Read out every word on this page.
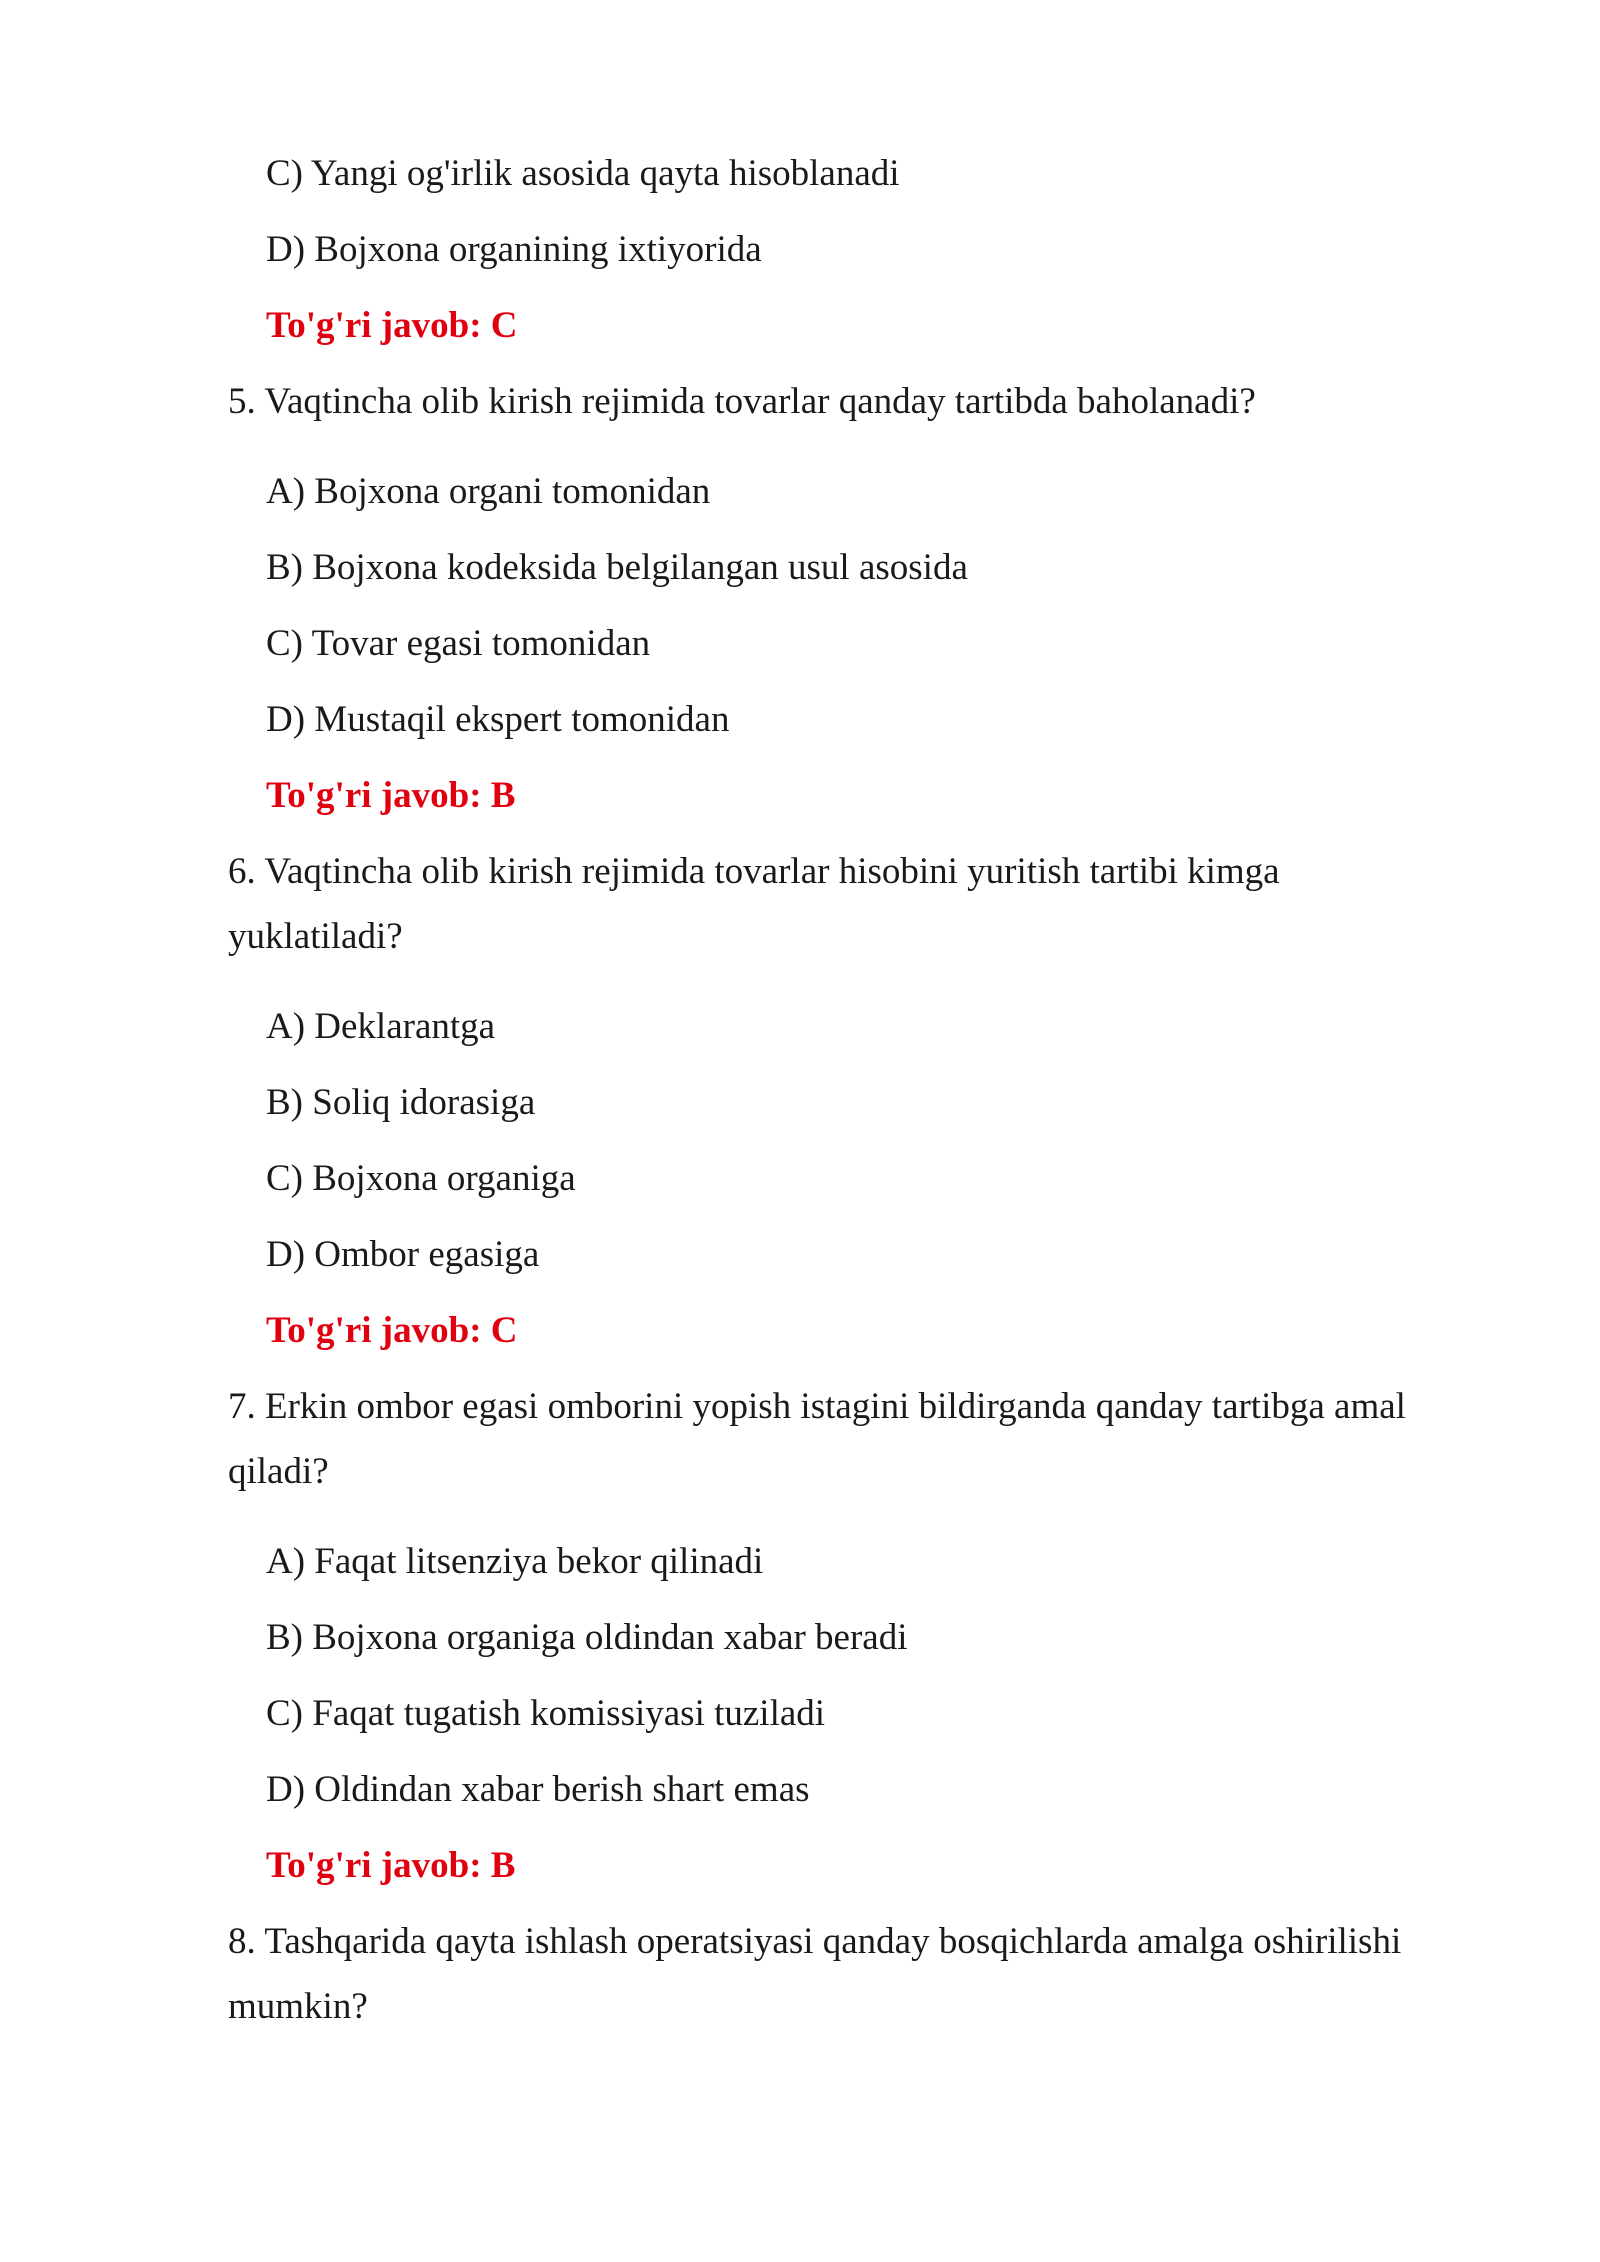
C) Yangi og'irlik asosida qayta hisoblanadi
D) Bojxona organining ixtiyorida
To'g'ri javob: C
5. Vaqtincha olib kirish rejimida tovarlar qanday tartibda baholanadi?
A) Bojxona organi tomonidan
B) Bojxona kodeksida belgilangan usul asosida
C) Tovar egasi tomonidan
D) Mustaqil ekspert tomonidan
To'g'ri javob: B
6. Vaqtincha olib kirish rejimida tovarlar hisobini yuritish tartibi kimga
yuklatiladi?
A) Deklarantga
B) Soliq idorasiga
C) Bojxona organiga
D) Ombor egasiga
To'g'ri javob: C
7. Erkin ombor egasi omborini yopish istagini bildirganda qanday tartibga amal
qiladi?
A) Faqat litsenziya bekor qilinadi
B) Bojxona organiga oldindan xabar beradi
C) Faqat tugatish komissiyasi tuziladi
D) Oldindan xabar berish shart emas
To'g'ri javob: B
8. Tashqarida qayta ishlash operatsiyasi qanday bosqichlarda amalga oshirilishi
mumkin?
